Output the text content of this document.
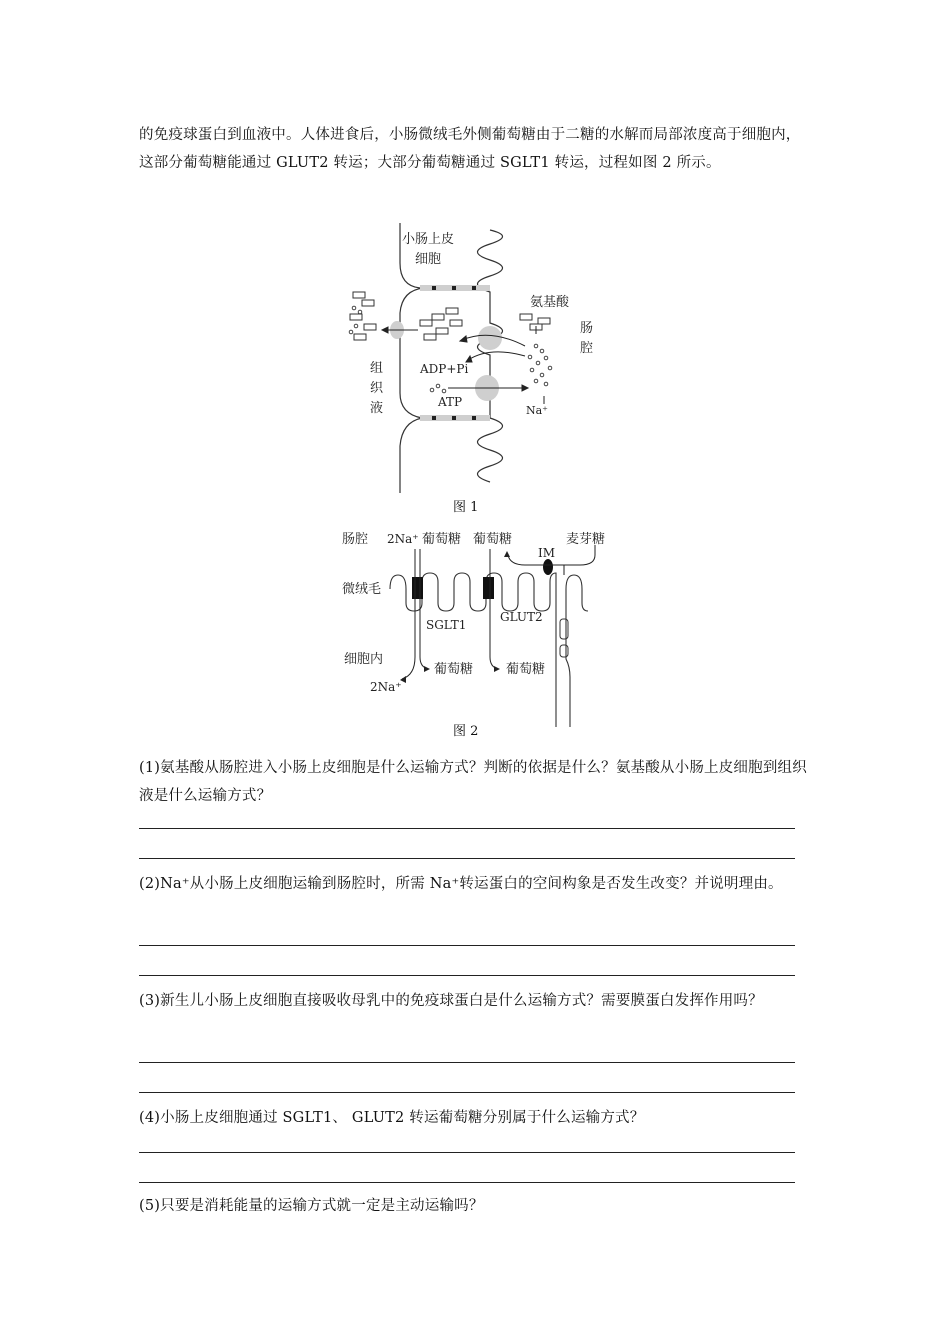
的免疫球蛋白到血液中。人体进食后，小肠微绒毛外侧葡萄糖由于二糖的水解而局部浓度高于细胞内，这部分葡萄糖能通过 GLUT2 转运；大部分葡萄糖通过 SGLT1 转运，过程如图 2 所示。
小肠上皮
细胞
氨基酸
肠
腔
组
织
液
ADP+Pi
ATP
Na⁺
图 1
肠腔 2Na⁺ 葡萄糖 葡萄糖
IM
麦芽糖
微绒毛
SGLT1
GLUT2
细胞内
2Na⁺
葡萄糖	葡萄糖
图 2
(1)氨基酸从肠腔进入小肠上皮细胞是什么运输方式？判断的依据是什么？氨基酸从小肠上皮细胞到组织液是什么运输方式？
(2)Na⁺从小肠上皮细胞运输到肠腔时，所需 Na⁺转运蛋白的空间构象是否发生改变？并说明理由。
(3)新生儿小肠上皮细胞直接吸收母乳中的免疫球蛋白是什么运输方式？需要膜蛋白发挥作用吗？
(4)小肠上皮细胞通过 SGLT1、 GLUT2 转运葡萄糖分别属于什么运输方式？
(5)只要是消耗能量的运输方式就一定是主动运输吗？
